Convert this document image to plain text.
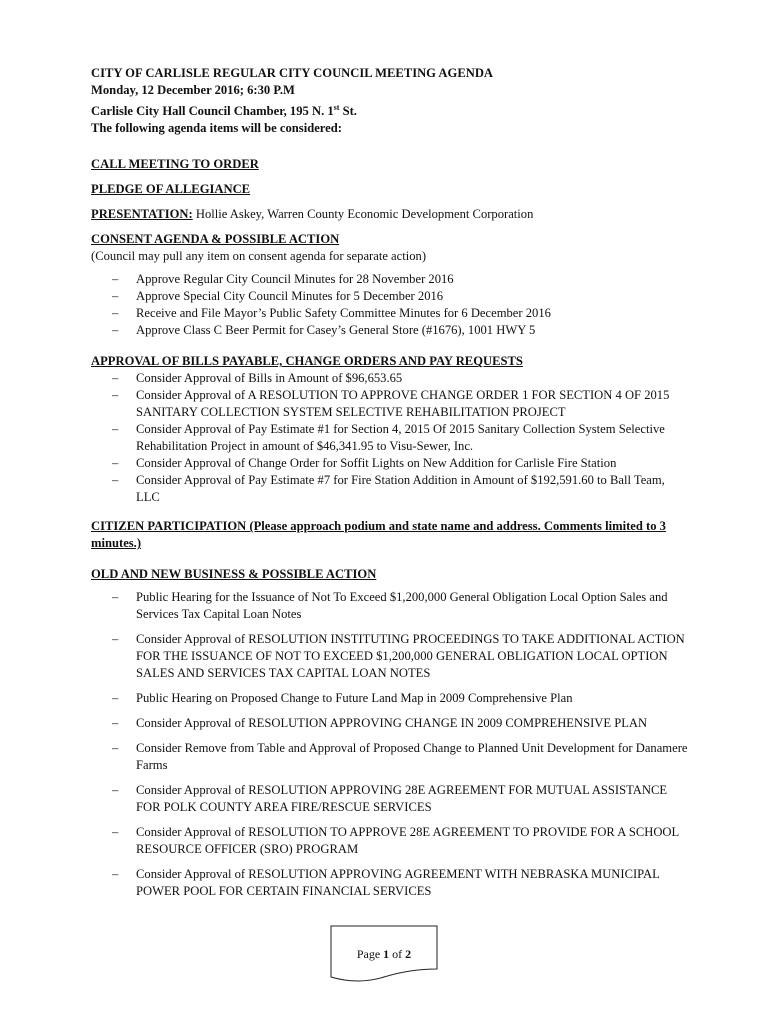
CITY OF CARLISLE REGULAR CITY COUNCIL MEETING AGENDA
Monday, 12 December 2016; 6:30 P.M
Carlisle City Hall Council Chamber, 195 N. 1st St.
The following agenda items will be considered:
CALL MEETING TO ORDER
PLEDGE OF ALLEGIANCE
PRESENTATION: Hollie Askey, Warren County Economic Development Corporation
CONSENT AGENDA & POSSIBLE ACTION
(Council may pull any item on consent agenda for separate action)
– Approve Regular City Council Minutes for 28 November 2016
– Approve Special City Council Minutes for 5 December 2016
– Receive and File Mayor’s Public Safety Committee Minutes for 6 December 2016
– Approve Class C Beer Permit for Casey’s General Store (#1676), 1001 HWY 5
APPROVAL OF BILLS PAYABLE, CHANGE ORDERS AND PAY REQUESTS
– Consider Approval of Bills in Amount of $96,653.65
– Consider Approval of A RESOLUTION TO APPROVE CHANGE ORDER 1 FOR SECTION 4 OF 2015 SANITARY COLLECTION SYSTEM SELECTIVE REHABILITATION PROJECT
– Consider Approval of Pay Estimate #1 for Section 4, 2015 Of 2015 Sanitary Collection System Selective Rehabilitation Project in amount of $46,341.95 to Visu-Sewer, Inc.
– Consider Approval of Change Order for Soffit Lights on New Addition for Carlisle Fire Station
– Consider Approval of Pay Estimate #7 for Fire Station Addition in Amount of $192,591.60 to Ball Team, LLC
CITIZEN PARTICIPATION (Please approach podium and state name and address. Comments limited to 3 minutes.)
OLD AND NEW BUSINESS & POSSIBLE ACTION
– Public Hearing for the Issuance of Not To Exceed $1,200,000 General Obligation Local Option Sales and Services Tax Capital Loan Notes
– Consider Approval of RESOLUTION INSTITUTING PROCEEDINGS TO TAKE ADDITIONAL ACTION FOR THE ISSUANCE OF NOT TO EXCEED $1,200,000 GENERAL OBLIGATION LOCAL OPTION SALES AND SERVICES TAX CAPITAL LOAN NOTES
– Public Hearing on Proposed Change to Future Land Map in 2009 Comprehensive Plan
– Consider Approval of RESOLUTION APPROVING CHANGE IN 2009 COMPREHENSIVE PLAN
– Consider Remove from Table and Approval of Proposed Change to Planned Unit Development for Danamere Farms
– Consider Approval of RESOLUTION APPROVING 28E AGREEMENT FOR MUTUAL ASSISTANCE FOR POLK COUNTY AREA FIRE/RESCUE SERVICES
– Consider Approval of RESOLUTION TO APPROVE 28E AGREEMENT TO PROVIDE FOR A SCHOOL RESOURCE OFFICER (SRO) PROGRAM
– Consider Approval of RESOLUTION APPROVING AGREEMENT WITH NEBRASKA MUNICIPAL POWER POOL FOR CERTAIN FINANCIAL SERVICES
Page 1 of 2
